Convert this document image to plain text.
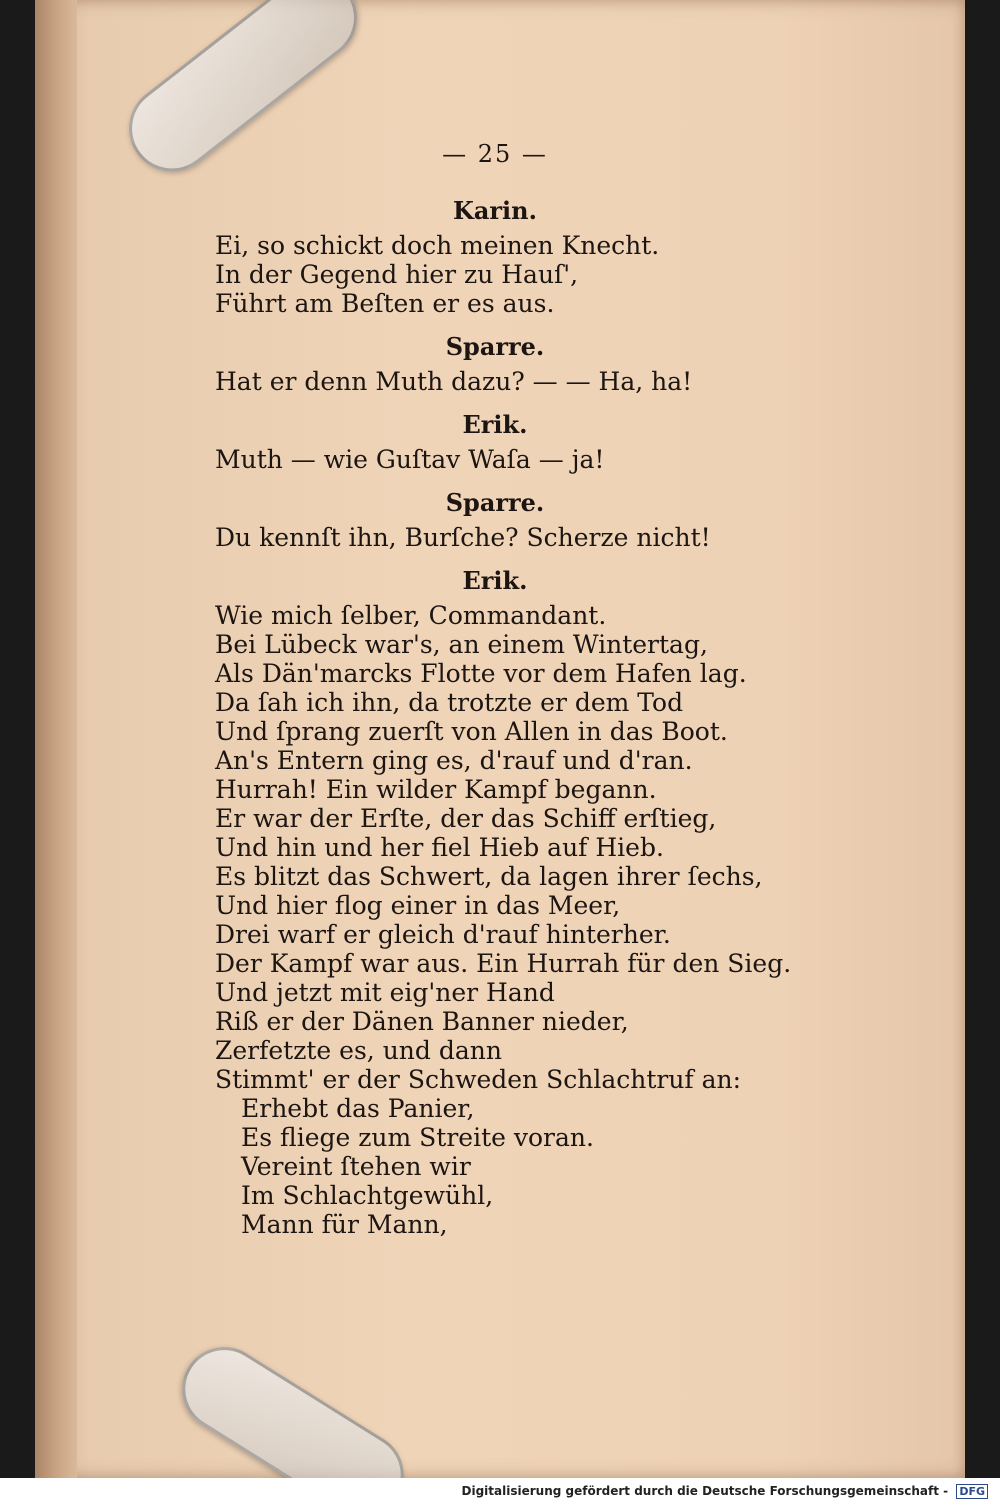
— 25 —
Karin.
Ei, so schickt doch meinen Knecht.
In der Gegend hier zu Hauſ',
Führt am Beſten er es aus.
Sparre.
Hat er denn Muth dazu? — — Ha, ha!
Erik.
Muth — wie Guſtav Waſa — ja!
Sparre.
Du kennſt ihn, Burſche? Scherze nicht!
Erik.
Wie mich ſelber, Commandant.
Bei Lübeck war's, an einem Wintertag,
Als Dän'marcks Flotte vor dem Hafen lag.
Da ſah ich ihn, da trotzte er dem Tod
Und ſprang zuerſt von Allen in das Boot.
An's Entern ging es, d'rauf und d'ran.
Hurrah! Ein wilder Kampf begann.
Er war der Erſte, der das Schiff erſtieg,
Und hin und her fiel Hieb auf Hieb.
Es blitzt das Schwert, da lagen ihrer ſechs,
Und hier flog einer in das Meer,
Drei warf er gleich d'rauf hinterher.
Der Kampf war aus. Ein Hurrah für den Sieg.
Und jetzt mit eig'ner Hand
Riß er der Dänen Banner nieder,
Zerfetzte es, und dann
Stimmt' er der Schweden Schlachtruf an:
Erhebt das Panier,
Es fliege zum Streite voran.
Vereint ſtehen wir
Im Schlachtgewühl,
Mann für Mann,
Digitalisierung gefördert durch die Deutsche Forschungsgemeinschaft - DFG
